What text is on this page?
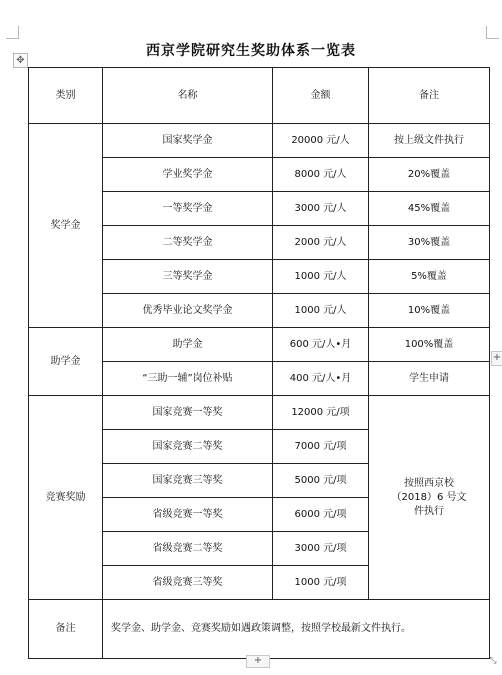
✥
西京学院研究生奖助体系一览表
类别	名称	金额	备注
奖学金	国家奖学金	20000 元/人	按上级文件执行
	学业奖学金	8000 元/人	20%覆盖
	一等奖学金	3000 元/人	45%覆盖
	二等奖学金	2000 元/人	30%覆盖
	三等奖学金	1000 元/人	5%覆盖
	优秀毕业论文奖学金	1000 元/人	10%覆盖
助学金	助学金	600 元/人•月	100%覆盖
	“三助一辅”岗位补贴	400 元/人•月	学生申请
竞赛奖励	国家竞赛一等奖	12000 元/项	按照西京校（2018）6 号文件执行
	国家竞赛二等奖	7000 元/项	
	国家竞赛三等奖	5000 元/项	
	省级竞赛一等奖	6000 元/项	
	省级竞赛二等奖	3000 元/项	
	省级竞赛三等奖	1000 元/项	
备注	奖学金、助学金、竞赛奖励如遇政策调整，按照学校最新文件执行。		
+
+	⤡
